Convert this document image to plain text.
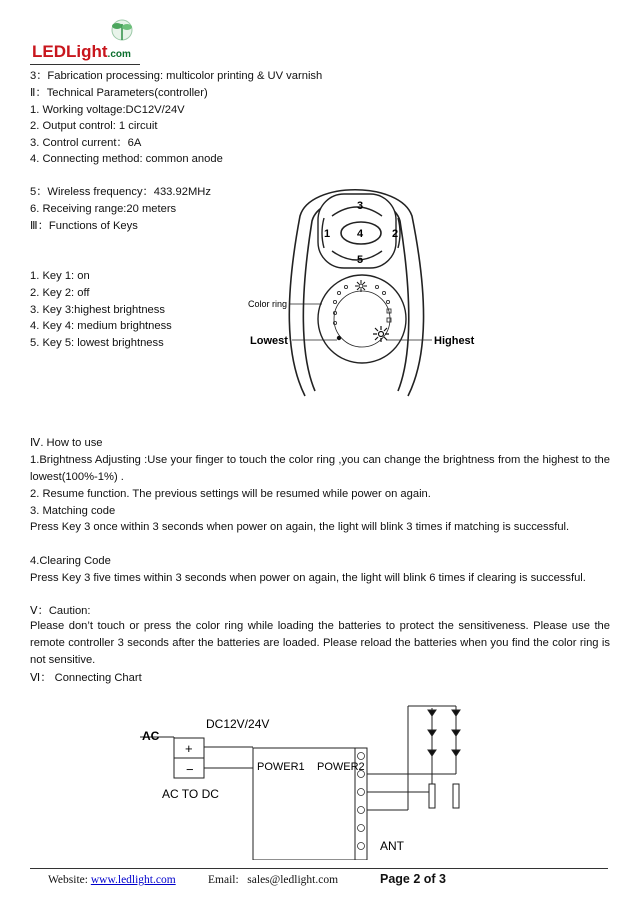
LEDLight.com
3：Fabrication processing: multicolor printing & UV varnish
Ⅱ：Technical Parameters(controller)
1. Working voltage:DC12V/24V
2. Output control: 1 circuit
3. Control current：6A
4. Connecting method: common anode
5：Wireless frequency：433.92MHz
6. Receiving range:20 meters
Ⅲ：Functions of Keys
1. Key 1: on
2. Key 2: off
3. Key 3:highest brightness
4. Key 4: medium brightness
5. Key 5: lowest brightness
3
4
1	2
5
Color ring
Lowest	Highest
Ⅳ. How to use
1.Brightness Adjusting :Use your finger to touch the color ring ,you can change the brightness from the highest to the lowest(100%-1%) .
2. Resume function. The previous settings will be resumed while power on again.
3. Matching code
Press Key 3 once within 3 seconds when power on again, the light will blink 3 times if matching is successful.
4.Clearing Code
Press Key 3 five times within 3 seconds when power on again, the light will blink 6 times if clearing is successful.
Ⅴ：Caution:
Please don’t touch or press the color ring while loading the batteries to protect the sensitiveness. Please use the remote controller 3 seconds after the batteries are loaded. Please reload the batteries when you find the color ring is not sensitive.
Ⅵ： Connecting Chart
DC12V/24V
AC
+
−
AC TO DC
POWER1 POWER2
ANT
Website: www.ledlight.com	Email: sales@ledlight.com	Page 2 of 3
